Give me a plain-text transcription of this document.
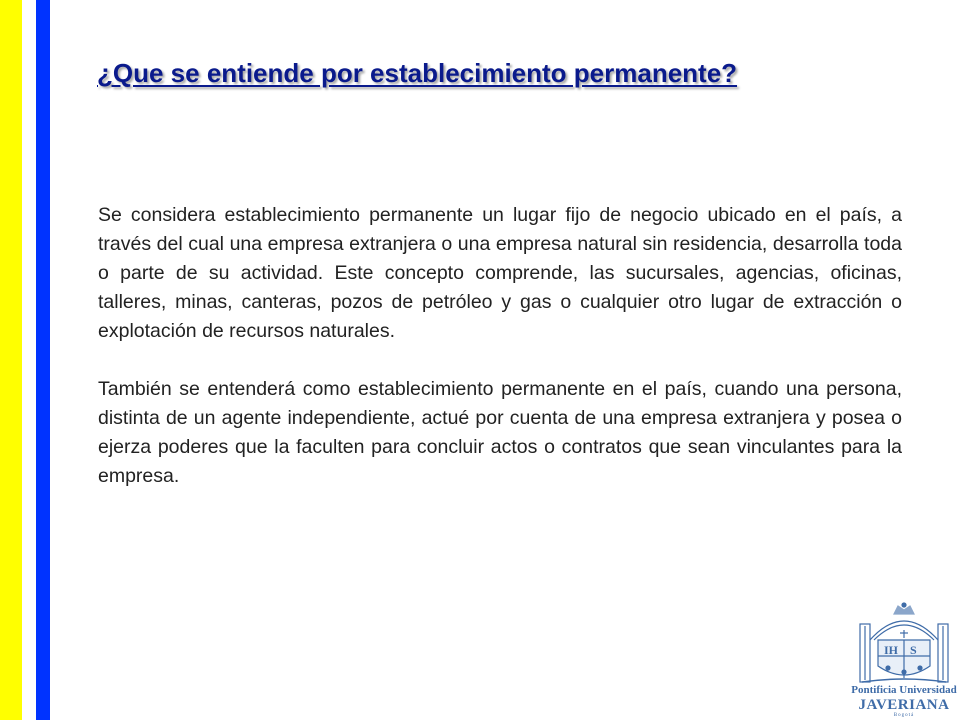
¿Que se entiende por establecimiento permanente?

Se considera establecimiento permanente un lugar fijo de negocio ubicado en el país, a través del cual una empresa extranjera o una empresa natural sin residencia, desarrolla toda o parte de su actividad. Este concepto comprende, las sucursales, agencias, oficinas, talleres, minas, canteras, pozos de petróleo y gas o cualquier otro lugar de extracción o explotación de recursos naturales.

También se entenderá como establecimiento permanente en el país, cuando una persona, distinta de un agente independiente, actué por cuenta de una empresa extranjera y posea o ejerza poderes que la faculten para concluir actos o contratos que sean vinculantes para la empresa.

IH S
Pontificia Universidad
JAVERIANA
Bogotá
